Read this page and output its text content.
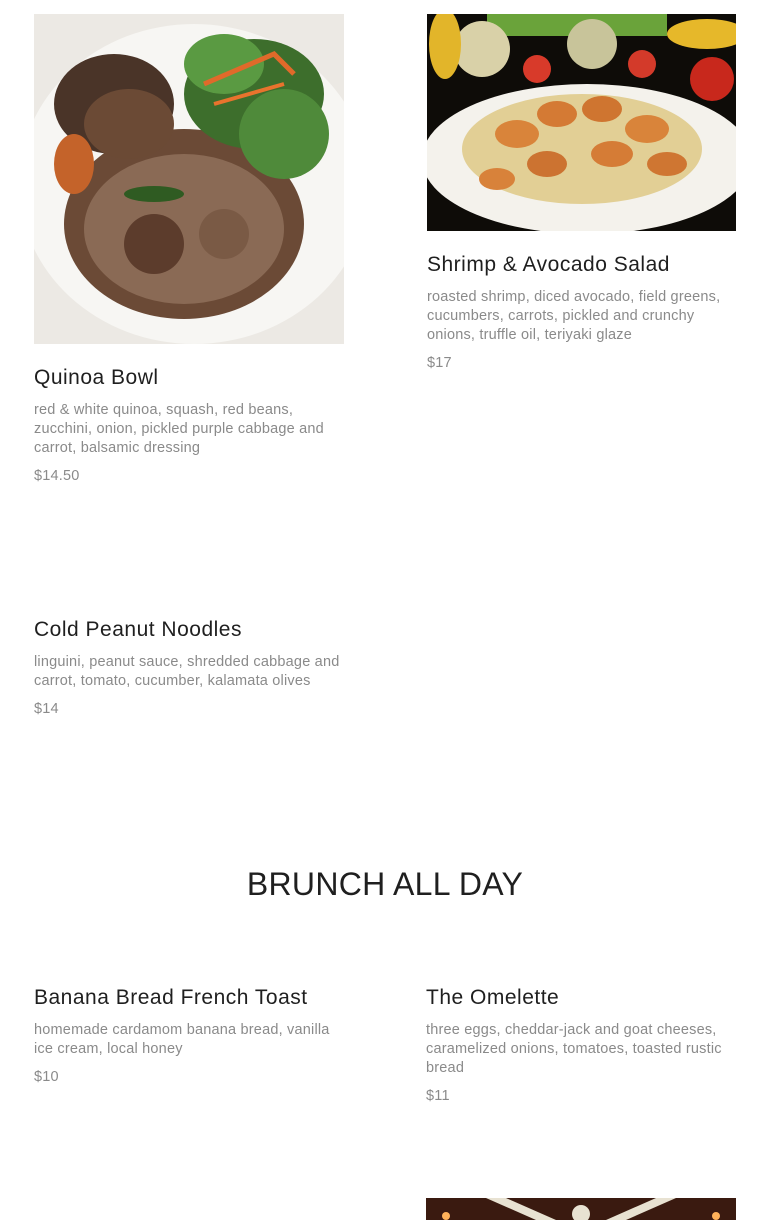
Quinoa Bowl
red & white quinoa, squash, red beans, zucchini, onion, pickled purple cabbage and carrot, balsamic dressing
$14.50
Shrimp & Avocado Salad
roasted shrimp, diced avocado, field greens, cucumbers, carrots, pickled and crunchy onions, truffle oil, teriyaki glaze
$17
Cold Peanut Noodles
linguini, peanut sauce, shredded cabbage and carrot, tomato, cucumber, kalamata olives
$14
BRUNCH ALL DAY
Banana Bread French Toast
homemade cardamom banana bread, vanilla ice cream, local honey
$10
The Omelette
three eggs, cheddar-jack and goat cheeses, caramelized onions, tomatoes, toasted rustic bread
$11
